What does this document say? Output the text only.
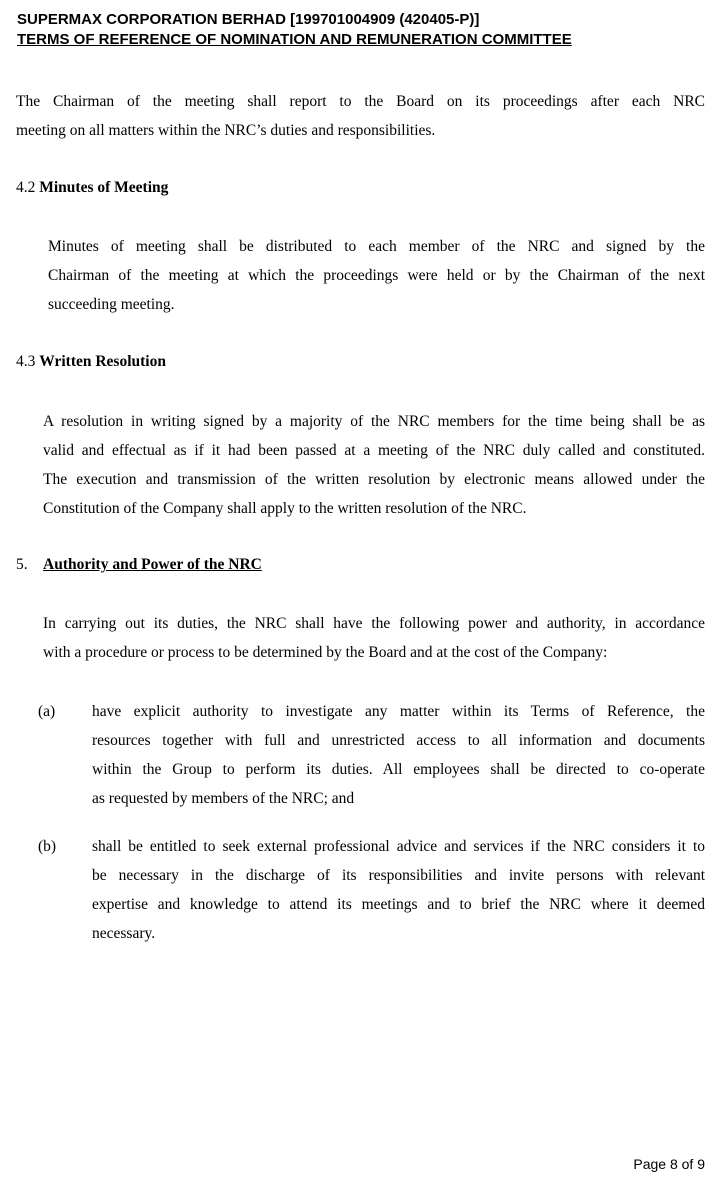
SUPERMAX CORPORATION BERHAD [199701004909 (420405-P)]
TERMS OF REFERENCE OF NOMINATION AND REMUNERATION COMMITTEE
The Chairman of the meeting shall report to the Board on its proceedings after each NRC
meeting on all matters within the NRC’s duties and responsibilities.
4.2 Minutes of Meeting
Minutes of meeting shall be distributed to each member of the NRC and signed by the
Chairman of the meeting at which the proceedings were held or by the Chairman of the next
succeeding meeting.
4.3 Written Resolution
A resolution in writing signed by a majority of the NRC members for the time being shall be as
valid and effectual as if it had been passed at a meeting of the NRC duly called and constituted.
The execution and transmission of the written resolution by electronic means allowed under the
Constitution of the Company shall apply to the written resolution of the NRC.
5. Authority and Power of the NRC
In carrying out its duties, the NRC shall have the following power and authority, in accordance
with a procedure or process to be determined by the Board and at the cost of the Company:
(a) have explicit authority to investigate any matter within its Terms of Reference, the
resources together with full and unrestricted access to all information and documents
within the Group to perform its duties. All employees shall be directed to co-operate
as requested by members of the NRC; and
(b) shall be entitled to seek external professional advice and services if the NRC considers it to
be necessary in the discharge of its responsibilities and invite persons with relevant
expertise and knowledge to attend its meetings and to brief the NRC where it deemed
necessary.
Page 8 of 9
